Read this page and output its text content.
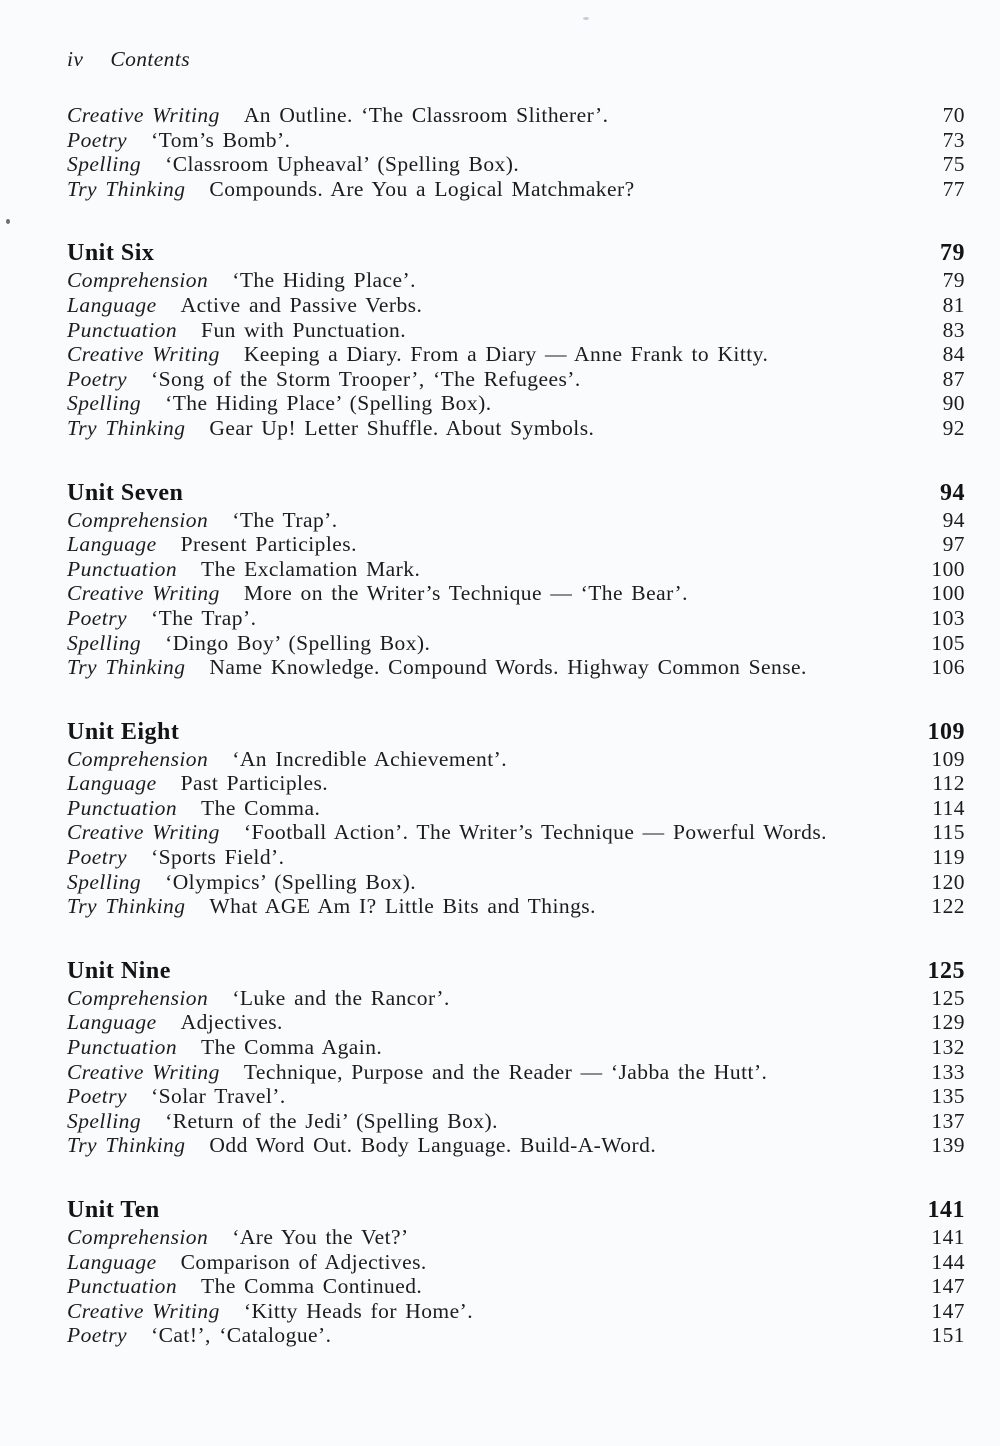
iv Contents
Creative Writing An Outline. ‘The Classroom Slitherer’.	70
Poetry ‘Tom’s Bomb’.	73
Spelling ‘Classroom Upheaval’ (Spelling Box).	75
Try Thinking Compounds. Are You a Logical Matchmaker?	77
Unit Six	79
Comprehension ‘The Hiding Place’.	79
Language Active and Passive Verbs.	81
Punctuation Fun with Punctuation.	83
Creative Writing Keeping a Diary. From a Diary — Anne Frank to Kitty.	84
Poetry ‘Song of the Storm Trooper’, ‘The Refugees’.	87
Spelling ‘The Hiding Place’ (Spelling Box).	90
Try Thinking Gear Up! Letter Shuffle. About Symbols.	92
Unit Seven	94
Comprehension ‘The Trap’.	94
Language Present Participles.	97
Punctuation The Exclamation Mark.	100
Creative Writing More on the Writer’s Technique — ‘The Bear’.	100
Poetry ‘The Trap’.	103
Spelling ‘Dingo Boy’ (Spelling Box).	105
Try Thinking Name Knowledge. Compound Words. Highway Common Sense.	106
Unit Eight	109
Comprehension ‘An Incredible Achievement’.	109
Language Past Participles.	112
Punctuation The Comma.	114
Creative Writing ‘Football Action’. The Writer’s Technique — Powerful Words.	115
Poetry ‘Sports Field’.	119
Spelling ‘Olympics’ (Spelling Box).	120
Try Thinking What AGE Am I? Little Bits and Things.	122
Unit Nine	125
Comprehension ‘Luke and the Rancor’.	125
Language Adjectives.	129
Punctuation The Comma Again.	132
Creative Writing Technique, Purpose and the Reader — ‘Jabba the Hutt’.	133
Poetry ‘Solar Travel’.	135
Spelling ‘Return of the Jedi’ (Spelling Box).	137
Try Thinking Odd Word Out. Body Language. Build-A-Word.	139
Unit Ten	141
Comprehension ‘Are You the Vet?’	141
Language Comparison of Adjectives.	144
Punctuation The Comma Continued.	147
Creative Writing ‘Kitty Heads for Home’.	147
Poetry ‘Cat!’, ‘Catalogue’.	151
